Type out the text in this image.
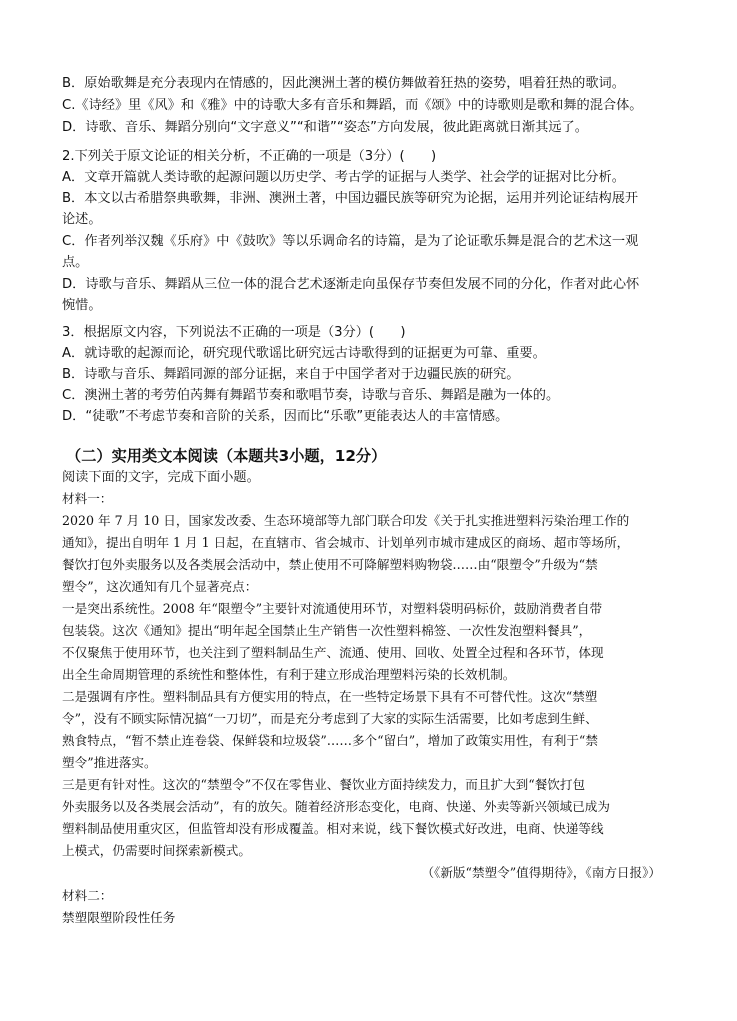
B．原始歌舞是充分表现内在情感的，因此澳洲土著的模仿舞做着狂热的姿势，唱着狂热的歌词。
C.《诗经》里《风》和《雅》中的诗歌大多有音乐和舞蹈，而《颂》中的诗歌则是歌和舞的混合体。
D．诗歌、音乐、舞蹈分别向“文字意义”“和谐”“姿态”方向发展，彼此距离就日渐其远了。
2.下列关于原文论证的相关分析，不正确的一项是（3分）(　　)
A．文章开篇就人类诗歌的起源问题以历史学、考古学的证据与人类学、社会学的证据对比分析。
B．本文以古希腊祭典歌舞，非洲、澳洲土著，中国边疆民族等研究为论据，运用并列论证结构展开
论述。
C．作者列举汉魏《乐府》中《鼓吹》等以乐调命名的诗篇，是为了论证歌乐舞是混合的艺术这一观
点。
D．诗歌与音乐、舞蹈从三位一体的混合艺术逐渐走向虽保存节奏但发展不同的分化，作者对此心怀
惋惜。
3．根据原文内容，下列说法不正确的一项是（3分）(　　)
A．就诗歌的起源而论，研究现代歌谣比研究远古诗歌得到的证据更为可靠、重要。
B．诗歌与音乐、舞蹈同源的部分证据，来自于中国学者对于边疆民族的研究。
C．澳洲土著的考劳伯芮舞有舞蹈节奏和歌唱节奏，诗歌与音乐、舞蹈是融为一体的。
D．“徒歌”不考虑节奏和音阶的关系，因而比“乐歌”更能表达人的丰富情感。
（二）实用类文本阅读（本题共3小题，12分）
阅读下面的文字，完成下面小题。
材料一：
2020 年 7 月 10 日，国家发改委、生态环境部等九部门联合印发《关于扎实推进塑料污染治理工作的
通知》，提出自明年 1 月 1 日起，在直辖市、省会城市、计划单列市城市建成区的商场、超市等场所，
餐饮打包外卖服务以及各类展会活动中，禁止使用不可降解塑料购物袋……由“限塑令”升级为“禁
塑令”，这次通知有几个显著亮点：
一是突出系统性。2008 年“限塑令”主要针对流通使用环节，对塑料袋明码标价，鼓励消费者自带
包装袋。这次《通知》提出“明年起全国禁止生产销售一次性塑料棉签、一次性发泡塑料餐具”，
不仅聚焦于使用环节，也关注到了塑料制品生产、流通、使用、回收、处置全过程和各环节，体现
出全生命周期管理的系统性和整体性，有利于建立形成治理塑料污染的长效机制。
二是强调有序性。塑料制品具有方便实用的特点，在一些特定场景下具有不可替代性。这次“禁塑
令”，没有不顾实际情况搞“一刀切”，而是充分考虑到了大家的实际生活需要，比如考虑到生鲜、
熟食特点，“暂不禁止连卷袋、保鲜袋和垃圾袋”……多个“留白”，增加了政策实用性，有利于“禁
塑令”推进落实。
三是更有针对性。这次的“禁塑令”不仅在零售业、餐饮业方面持续发力，而且扩大到“餐饮打包
外卖服务以及各类展会活动”，有的放矢。随着经济形态变化，电商、快递、外卖等新兴领域已成为
塑料制品使用重灾区，但监管却没有形成覆盖。相对来说，线下餐饮模式好改进，电商、快递等线
上模式，仍需要时间探索新模式。
（《新版“禁塑令”值得期待》，《南方日报》）
材料二：
禁塑限塑阶段性任务
